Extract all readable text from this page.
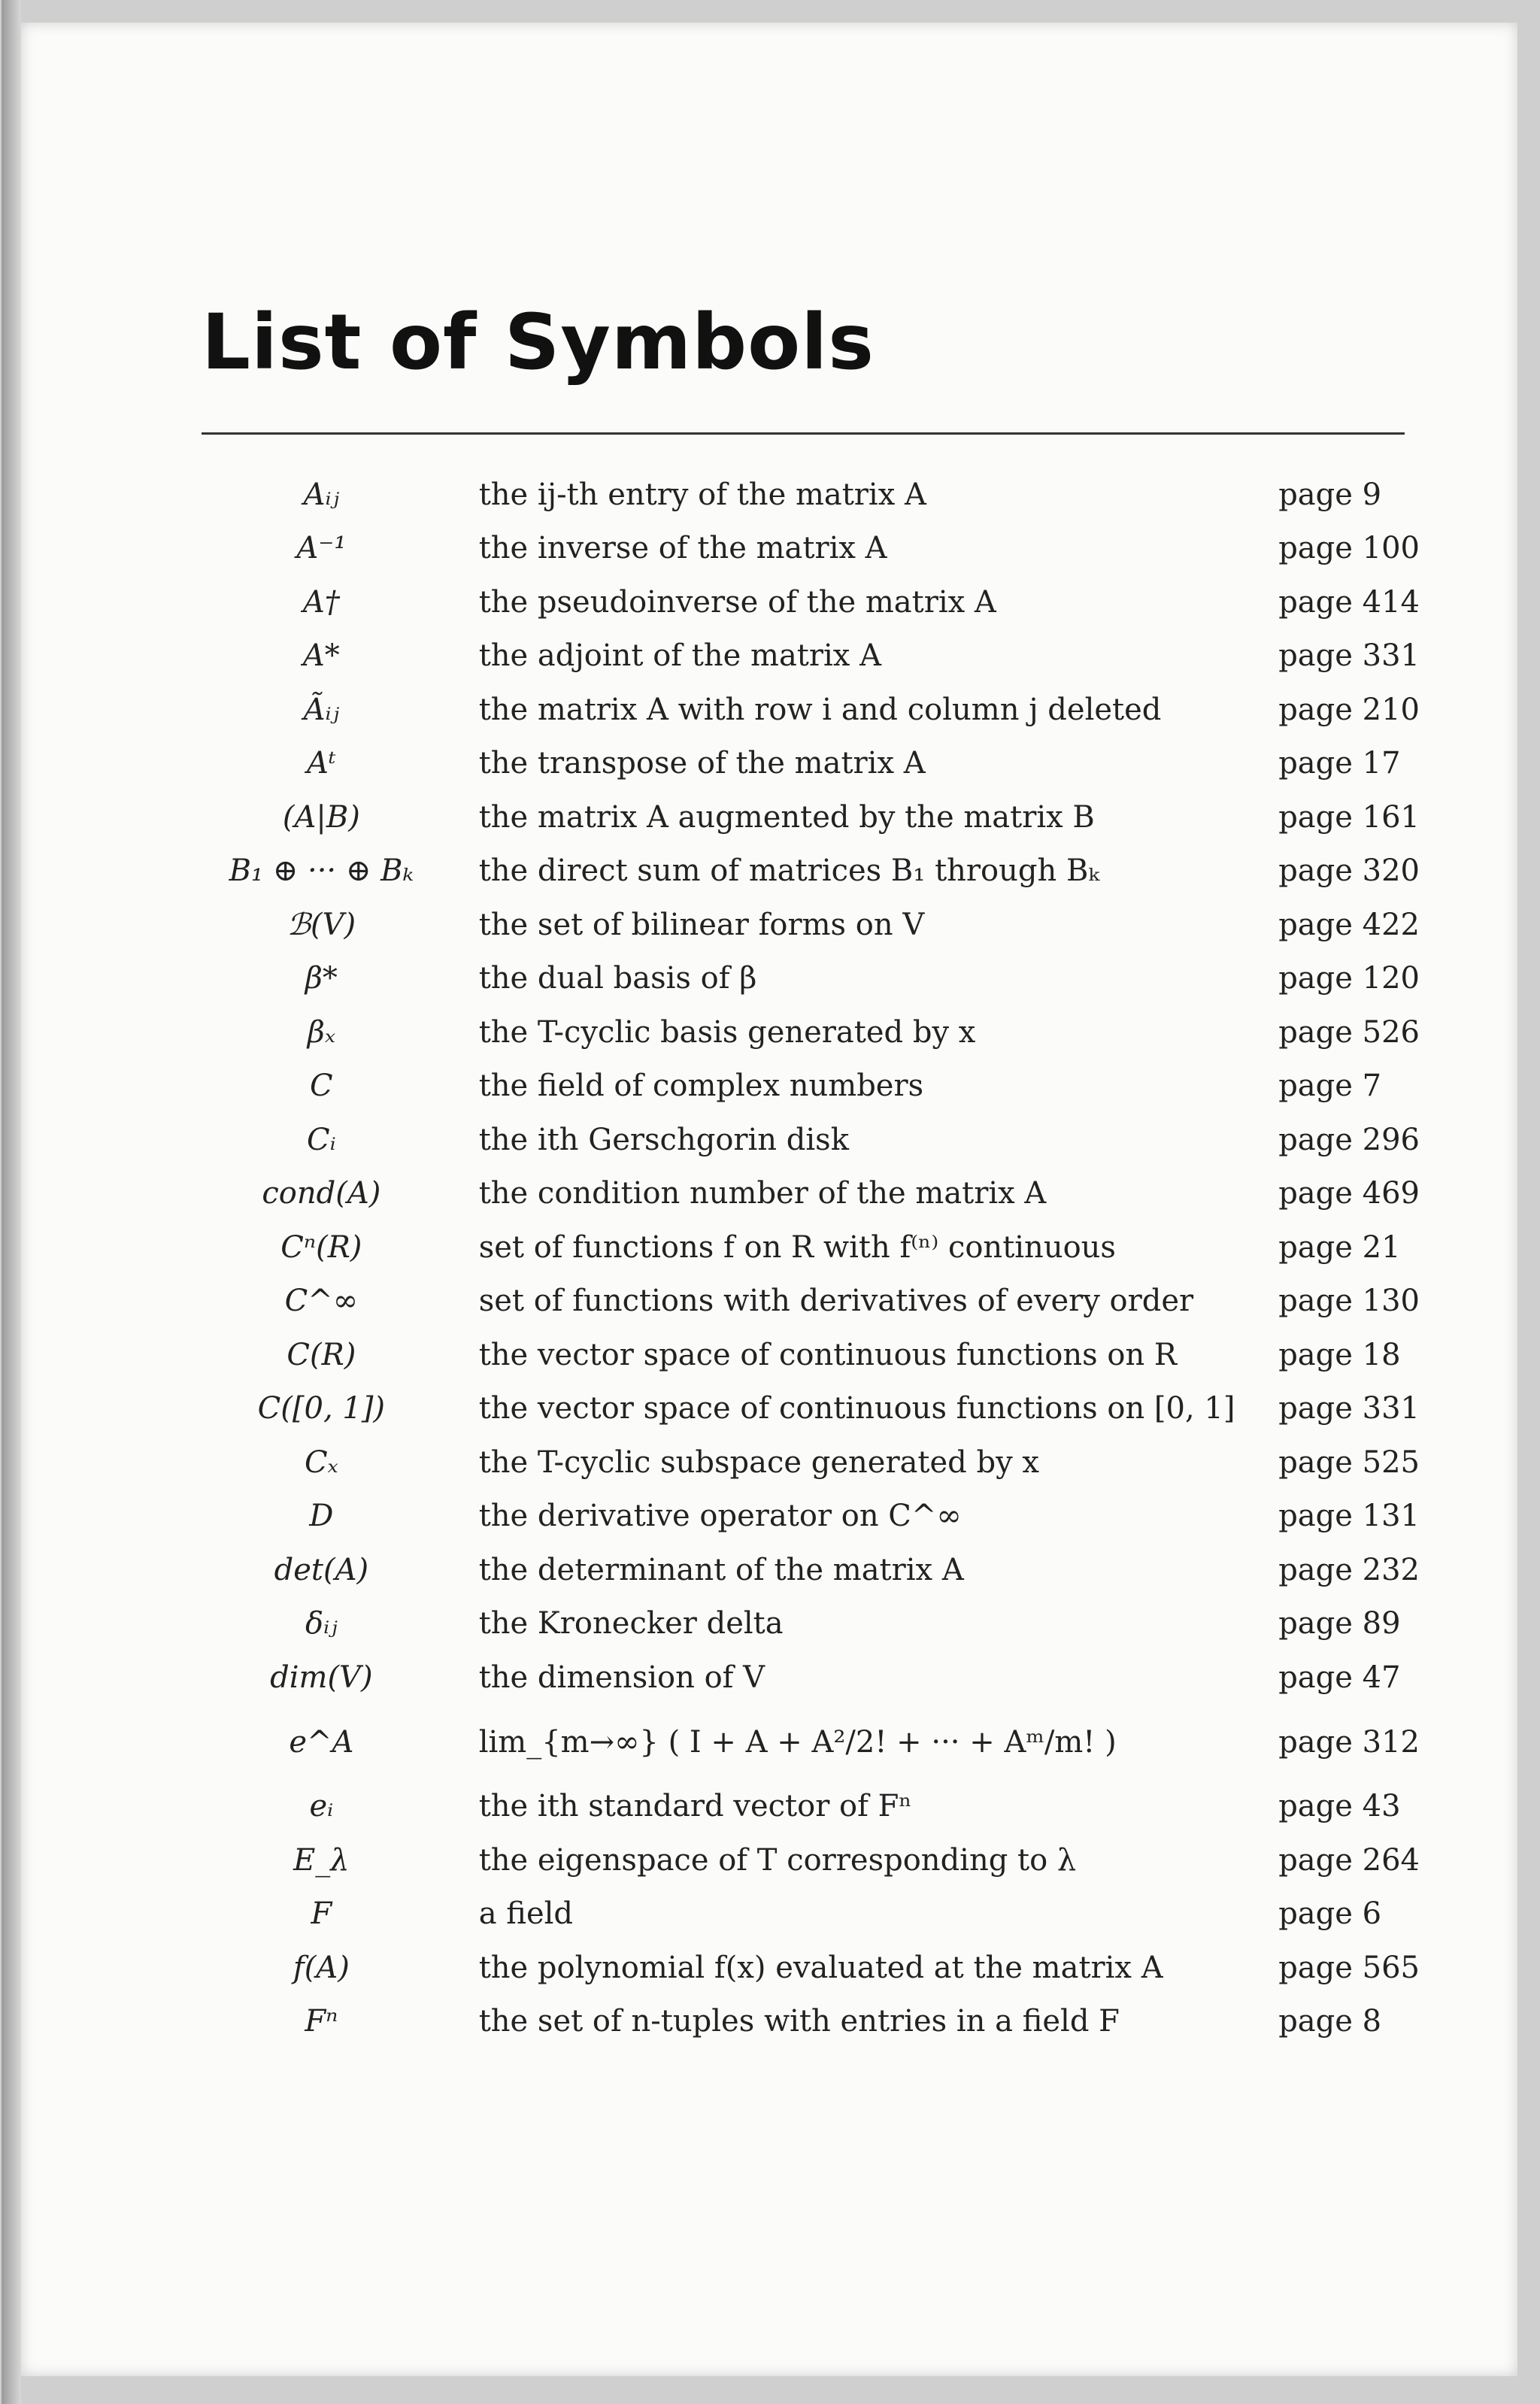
List of Symbols
Aᵢⱼ	the ij-th entry of the matrix A	page 9
A⁻¹	the inverse of the matrix A	page 100
A†	the pseudoinverse of the matrix A	page 414
A*	the adjoint of the matrix A	page 331
Ãᵢⱼ	the matrix A with row i and column j deleted	page 210
Aᵗ	the transpose of the matrix A	page 17
(A|B)	the matrix A augmented by the matrix B	page 161
B₁ ⊕ ··· ⊕ Bₖ	the direct sum of matrices B₁ through Bₖ	page 320
ℬ(V)	the set of bilinear forms on V	page 422
β*	the dual basis of β	page 120
βₓ	the T-cyclic basis generated by x	page 526
C	the field of complex numbers	page 7
Cᵢ	the ith Gerschgorin disk	page 296
cond(A)	the condition number of the matrix A	page 469
Cⁿ(R)	set of functions f on R with f⁽ⁿ⁾ continuous	page 21
C^∞	set of functions with derivatives of every order	page 130
C(R)	the vector space of continuous functions on R	page 18
C([0, 1])	the vector space of continuous functions on [0, 1]	page 331
Cₓ	the T-cyclic subspace generated by x	page 525
D	the derivative operator on C^∞	page 131
det(A)	the determinant of the matrix A	page 232
δᵢⱼ	the Kronecker delta	page 89
dim(V)	the dimension of V	page 47
e^A	lim_{m→∞} ( I + A + A²/2! + ··· + Aᵐ/m! )	page 312
eᵢ	the ith standard vector of Fⁿ	page 43
E_λ	the eigenspace of T corresponding to λ	page 264
F	a field	page 6
f(A)	the polynomial f(x) evaluated at the matrix A	page 565
Fⁿ	the set of n-tuples with entries in a field F	page 8
